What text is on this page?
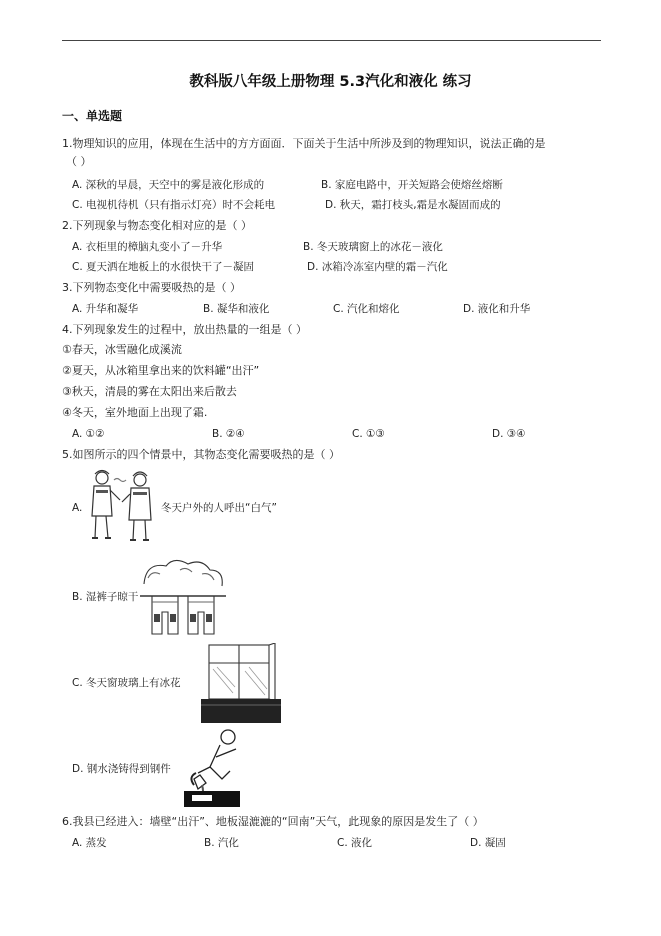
教科版八年级上册物理 5.3汽化和液化 练习
一、单选题
1.物理知识的应用，体现在生活中的方方面面．下面关于生活中所涉及到的物理知识，说法正确的是
（ ）
A. 深秋的早晨，天空中的雾是液化形成的	B. 家庭电路中，开关短路会使熔丝熔断
C. 电视机待机（只有指示灯亮）时不会耗电	D. 秋天，霜打枝头,霜是水凝固而成的
2.下列现象与物态变化相对应的是（ ）
A. 衣柜里的樟脑丸变小了－升华	B. 冬天玻璃窗上的冰花－液化
C. 夏天洒在地板上的水很快干了－凝固	D. 冰箱冷冻室内壁的霜－汽化
3.下列物态变化中需要吸热的是（ ）
A. 升华和凝华	B. 凝华和液化	C. 汽化和熔化	D. 液化和升华
4.下列现象发生的过程中，放出热量的一组是（ ）
①春天，冰雪融化成溪流
②夏天，从冰箱里拿出来的饮料罐“出汗”
③秋天，清晨的雾在太阳出来后散去
④冬天，室外地面上出现了霜.
A. ①②	B. ②④	C. ①③	D. ③④
5.如图所示的四个情景中，其物态变化需要吸热的是（ ）
A.	冬天户外的人呼出“白气”
B. 湿裤子晾干
C. 冬天窗玻璃上有冰花
D. 钢水浇铸得到钢件
6.我县已经进入：墙壁“出汗”、地板湿漉漉的“回南”天气，此现象的原因是发生了（ ）
A. 蒸发	B. 汽化	C. 液化	D. 凝固
